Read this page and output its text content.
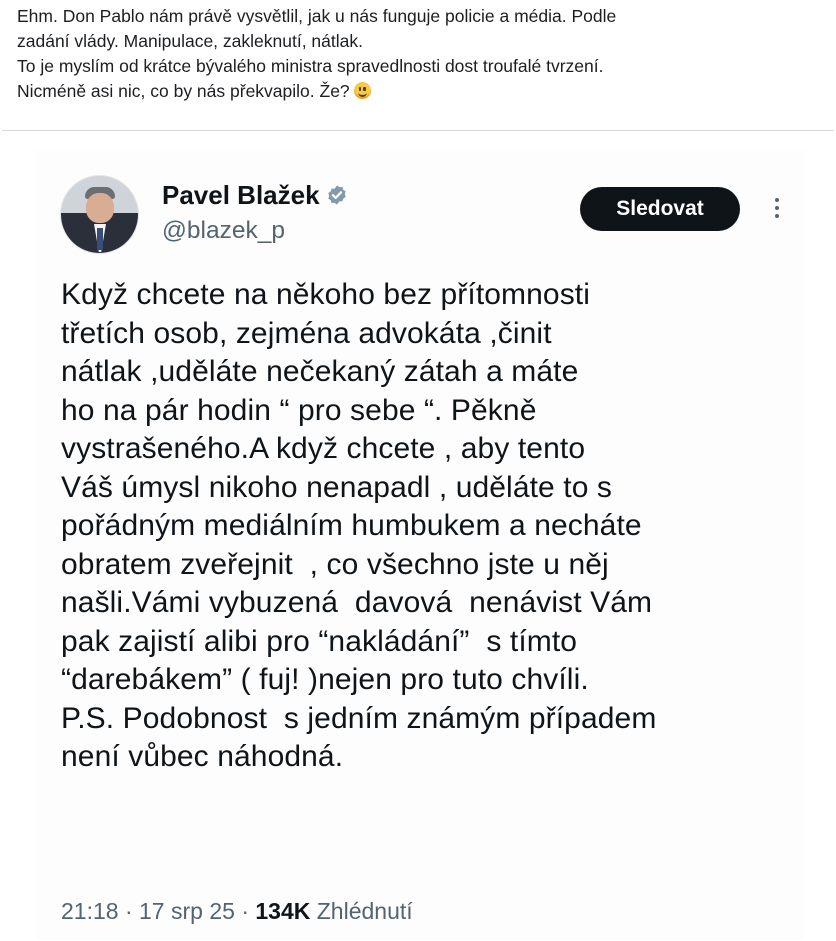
Ehm. Don Pablo nám právě vysvětlil, jak u nás funguje policie a média. Podle
zadání vlády. Manipulace, zakleknutí, nátlak.
To je myslím od krátce bývalého ministra spravedlnosti dost troufalé tvrzení.
Nicméně asi nic, co by nás překvapilo. Že?
Pavel Blažek
@blazek_p
Sledovat
Když chcete na někoho bez přítomnosti
třetích osob, zejména advokáta ,činit
nátlak ,uděláte nečekaný zátah a máte
ho na pár hodin “ pro sebe “. Pěkně
vystrašeného.A když chcete , aby tento
Váš úmysl nikoho nenapadl , uděláte to s
pořádným mediálním humbukem a necháte
obratem zveřejnit  , co všechno jste u něj
našli.Vámi vybuzená  davová  nenávist Vám
pak zajistí alibi pro “nakládání”  s tímto
“darebákem” ( fuj! )nejen pro tuto chvíli.
P.S. Podobnost  s jedním známým případem
není vůbec náhodná.
21:18 · 17 srp 25 · 134K Zhlédnutí
